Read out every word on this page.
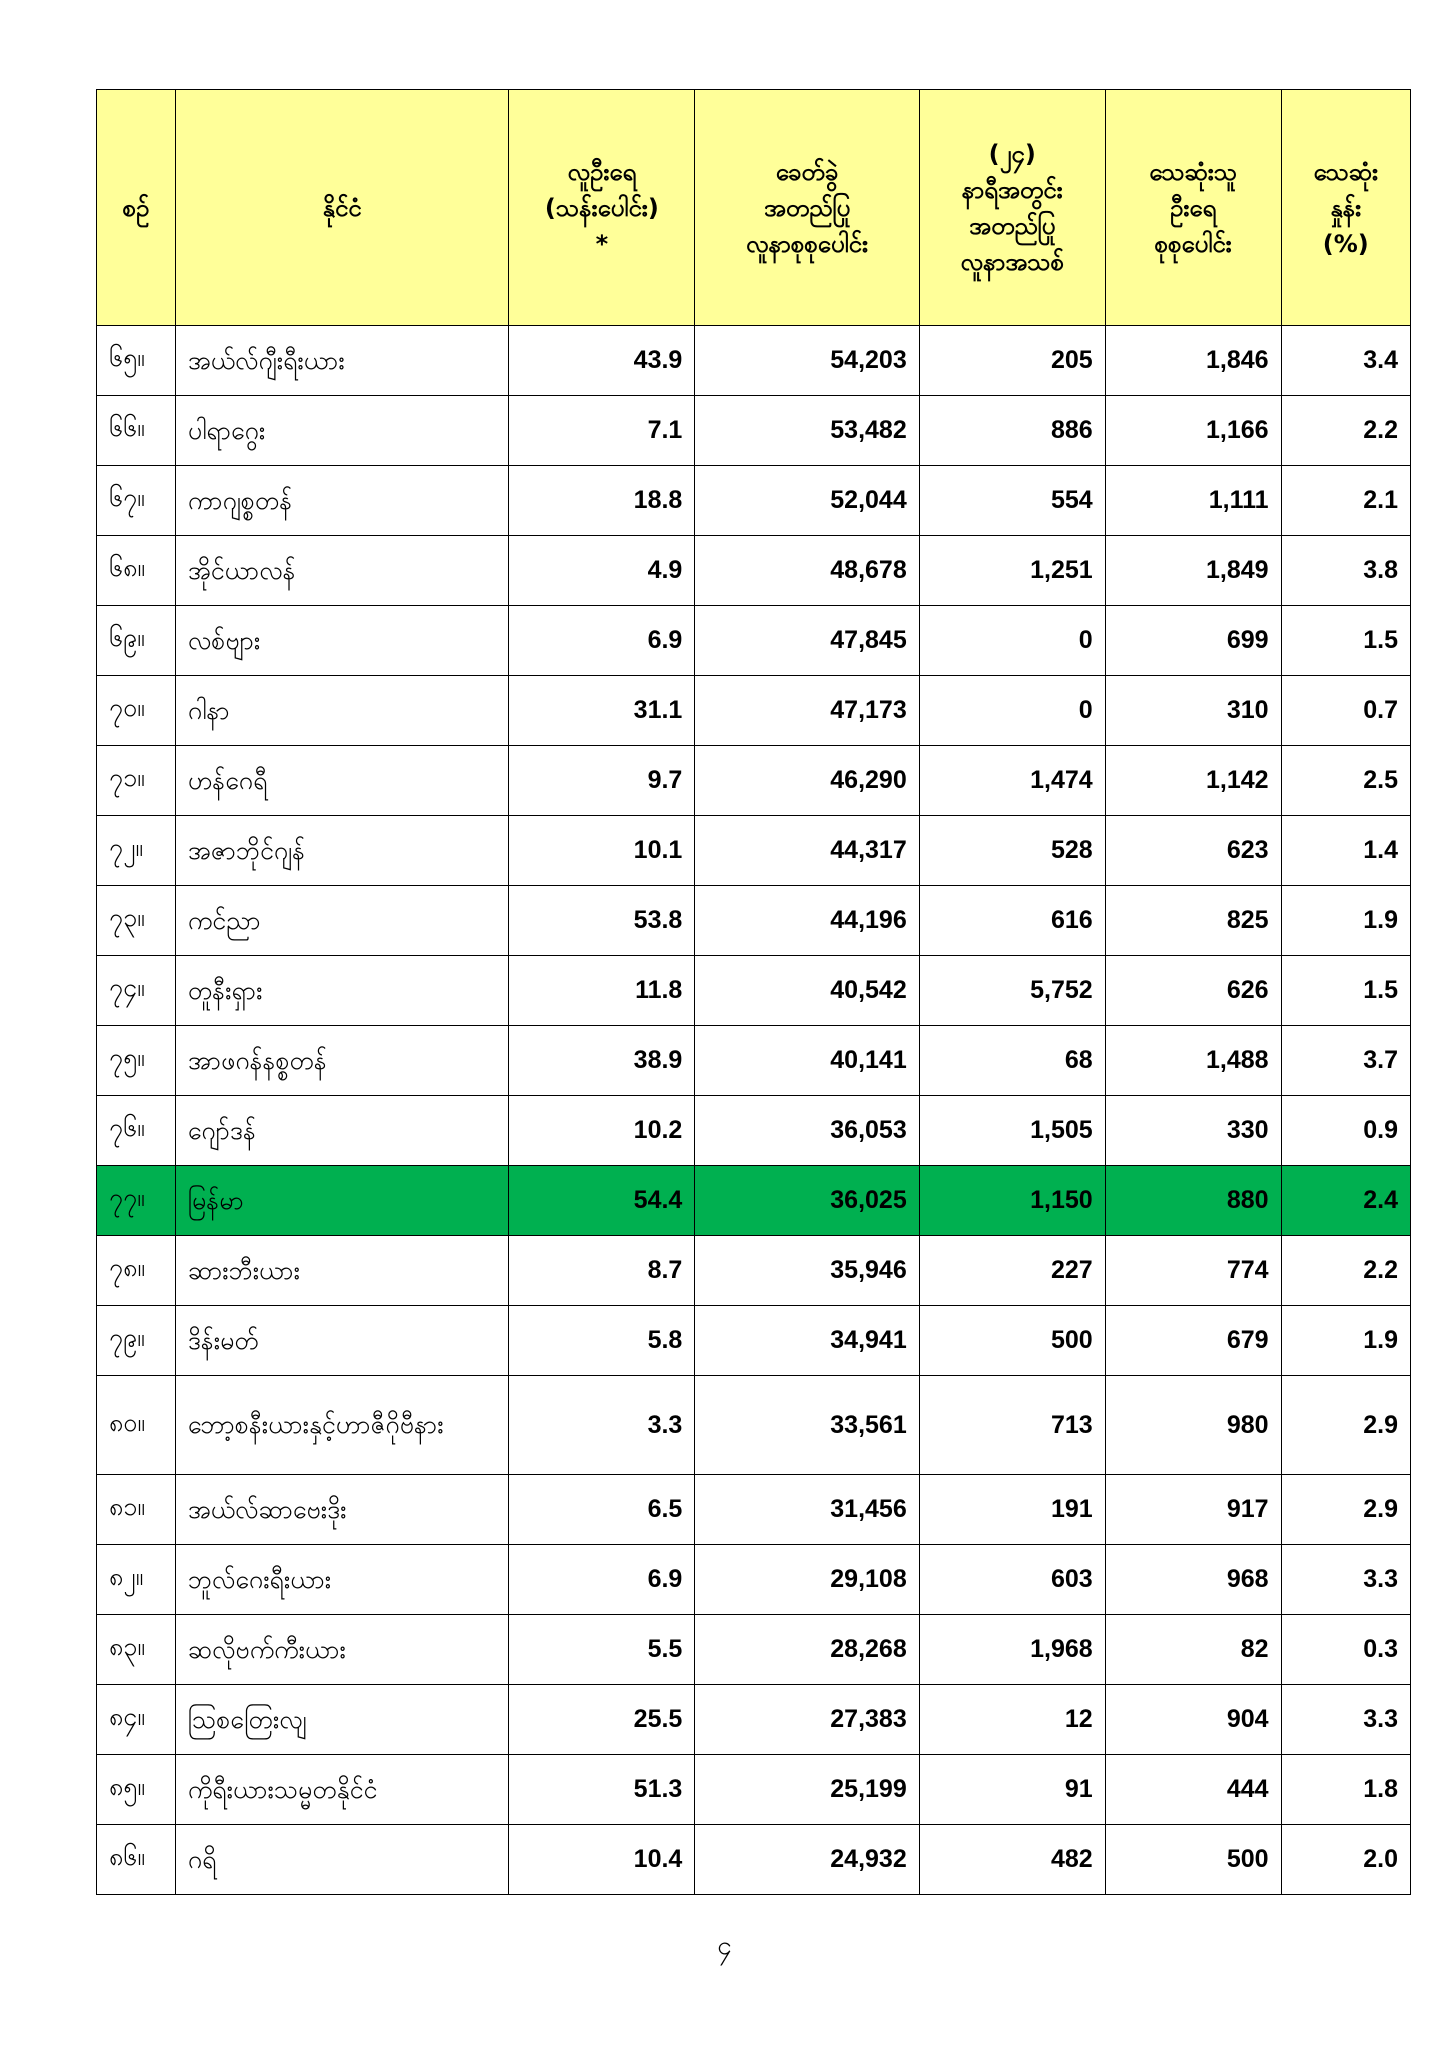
စဉ်	နိုင်ငံ	လူဦးရေ
(သန်းပေါင်း)
*	ခေတ်ခွဲ
အတည်ပြု
လူနာစုစုပေါင်း	(၂၄)
နာရီအတွင်း
အတည်ပြု
လူနာအသစ်	သေဆုံးသူ
ဦးရေ
စုစုပေါင်း	သေဆုံး
နှုန်း
(%)
၆၅။	အယ်လ်ဂျီးရီးယား	43.9	54,203	205	1,846	3.4
၆၆။	ပါရာဂွေး	7.1	53,482	886	1,166	2.2
၆၇။	ကာဂျစ္စတန်	18.8	52,044	554	1,111	2.1
၆၈။	အိုင်ယာလန်	4.9	48,678	1,251	1,849	3.8
၆၉။	လစ်ဗျား	6.9	47,845	0	699	1.5
၇၀။	ဂါနာ	31.1	47,173	0	310	0.7
၇၁။	ဟန်ဂေရီ	9.7	46,290	1,474	1,142	2.5
၇၂။	အဇာဘိုင်ဂျန်	10.1	44,317	528	623	1.4
၇၃။	ကင်ညာ	53.8	44,196	616	825	1.9
၇၄။	တူနီးရှား	11.8	40,542	5,752	626	1.5
၇၅။	အာဖဂန်နစ္စတန်	38.9	40,141	68	1,488	3.7
၇၆။	ဂျော်ဒန်	10.2	36,053	1,505	330	0.9
၇၇။	မြန်မာ	54.4	36,025	1,150	880	2.4
၇၈။	ဆားဘီးယား	8.7	35,946	227	774	2.2
၇၉။	ဒိန်းမတ်	5.8	34,941	500	679	1.9
၈၀။	ဘော့စနီးယားနှင့်ဟာဇီဂိုဗီနား	3.3	33,561	713	980	2.9
၈၁။	အယ်လ်ဆာဗေးဒိုး	6.5	31,456	191	917	2.9
၈၂။	ဘူလ်ဂေးရီးယား	6.9	29,108	603	968	3.3
၈၃။	ဆလိုဗက်ကီးယား	5.5	28,268	1,968	82	0.3
၈၄။	ဩစတြေးလျ	25.5	27,383	12	904	3.3
၈၅။	ကိုရီးယားသမ္မတနိုင်ငံ	51.3	25,199	91	444	1.8
၈၆။	ဂရိ	10.4	24,932	482	500	2.0
၄
